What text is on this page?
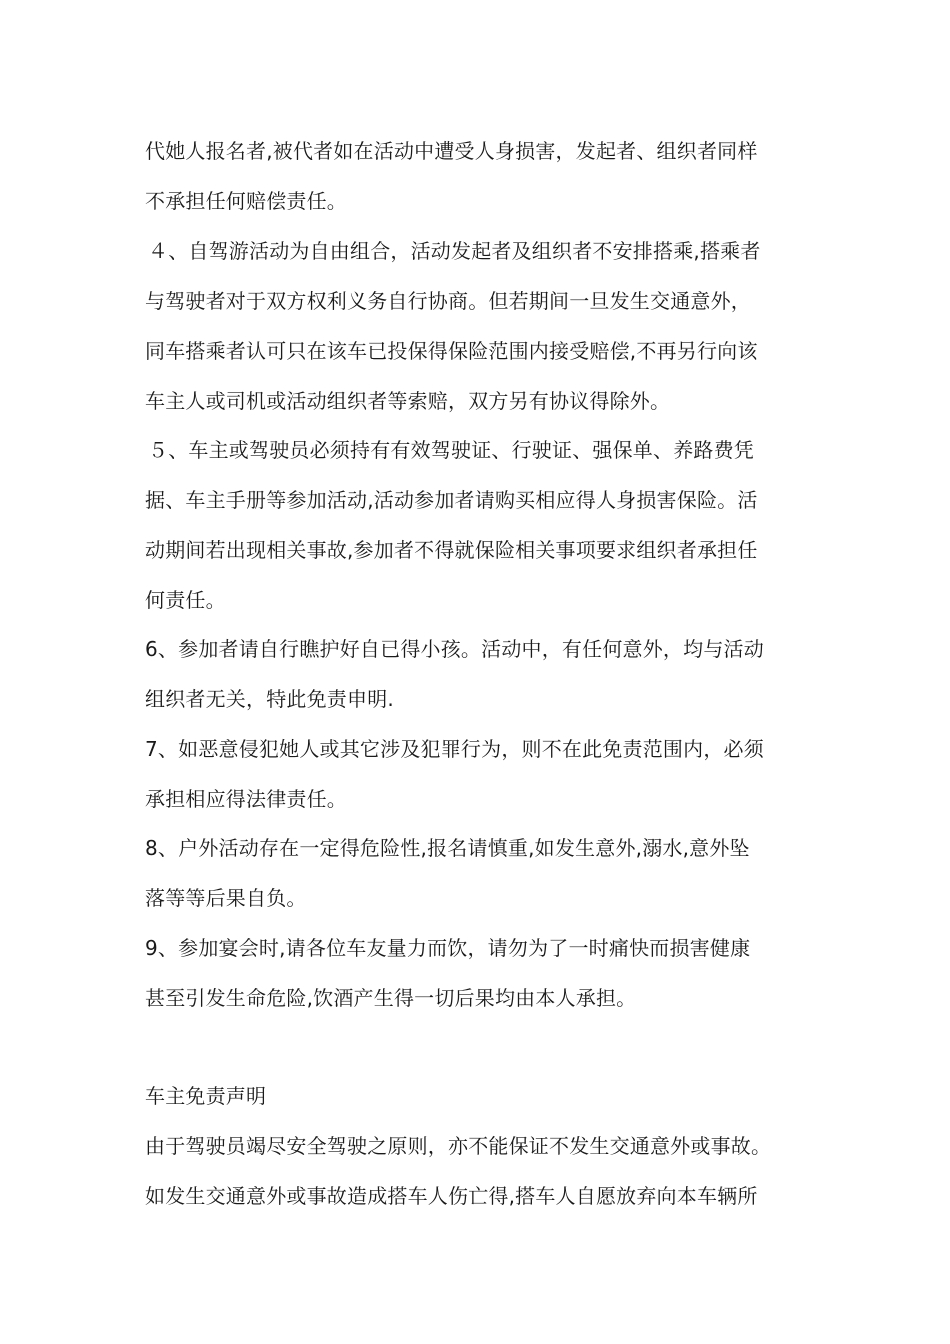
代她人报名者,被代者如在活动中遭受人身损害，发起者、组织者同样
不承担任何赔偿责任。
４、自驾游活动为自由组合，活动发起者及组织者不安排搭乘,搭乘者
与驾驶者对于双方权利义务自行协商。但若期间一旦发生交通意外，
同车搭乘者认可只在该车已投保得保险范围内接受赔偿,不再另行向该
车主人或司机或活动组织者等索赔，双方另有协议得除外。
５、车主或驾驶员必须持有有效驾驶证、行驶证、强保单、养路费凭
据、车主手册等参加活动,活动参加者请购买相应得人身损害保险。活
动期间若出现相关事故,参加者不得就保险相关事项要求组织者承担任
何责任。
6、参加者请自行瞧护好自已得小孩。活动中，有任何意外，均与活动
组织者无关，特此免责申明.
7、如恶意侵犯她人或其它涉及犯罪行为，则不在此免责范围内，必须
承担相应得法律责任。
8、户外活动存在一定得危险性,报名请慎重,如发生意外,溺水,意外坠
落等等后果自负。
9、参加宴会时,请各位车友量力而饮，请勿为了一时痛快而损害健康
甚至引发生命危险,饮酒产生得一切后果均由本人承担。
车主免责声明
由于驾驶员竭尽安全驾驶之原则，亦不能保证不发生交通意外或事故。
如发生交通意外或事故造成搭车人伤亡得,搭车人自愿放弃向本车辆所
